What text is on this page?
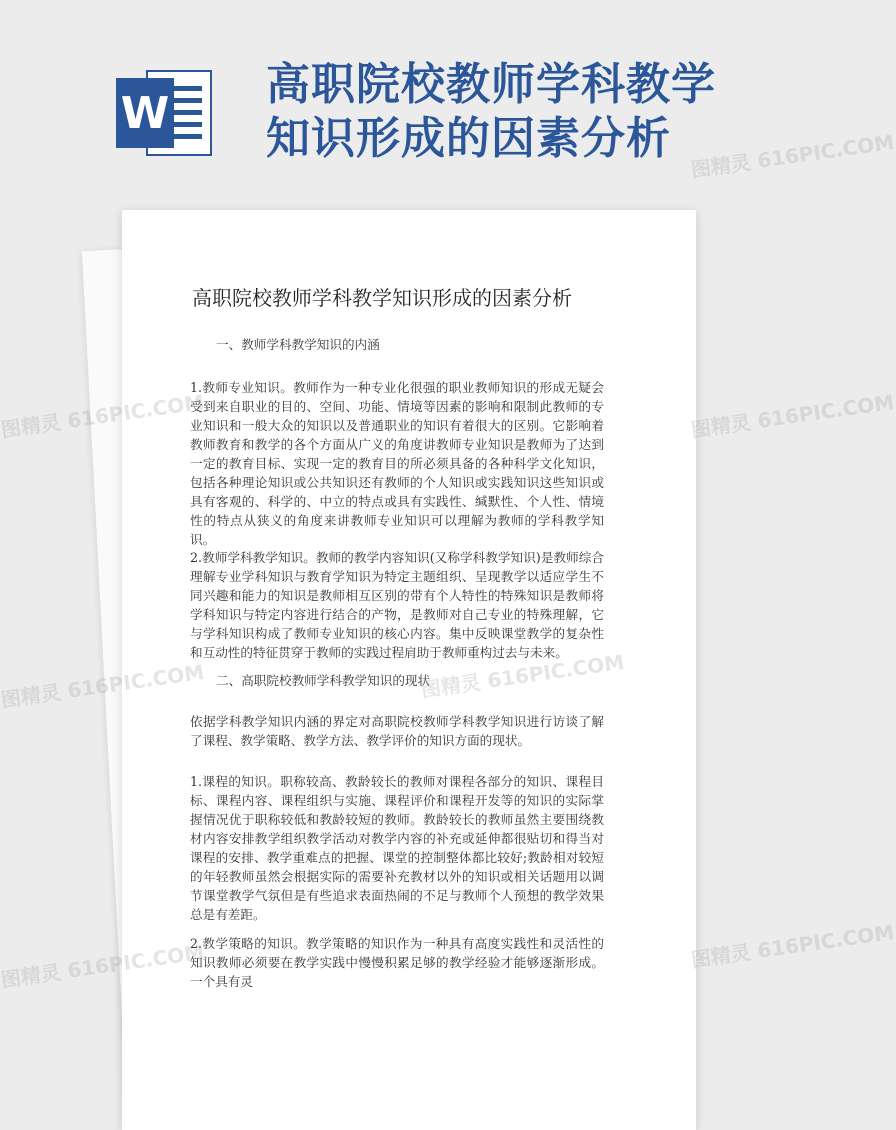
W
高职院校教师学科教学知识形成的因素分析
高职院校教师学科教学知识形成的因素分析

一、教师学科教学知识的内涵

1.教师专业知识。教师作为一种专业化很强的职业教师知识的形成无疑会受到来自职业的目的、空间、功能、情境等因素的影响和限制此教师的专业知识和一般大众的知识以及普通职业的知识有着很大的区别。它影响着教师教育和教学的各个方面从广义的角度讲教师专业知识是教师为了达到一定的教育目标、实现一定的教育目的所必须具备的各种科学文化知识，包括各种理论知识或公共知识还有教师的个人知识或实践知识这些知识或具有客观的、科学的、中立的特点或具有实践性、缄默性、个人性、情境性的特点从狭义的角度来讲教师专业知识可以理解为教师的学科教学知识。

2.教师学科教学知识。教师的教学内容知识(又称学科教学知识)是教师综合理解专业学科知识与教育学知识为特定主题组织、呈现教学以适应学生不同兴趣和能力的知识是教师相互区别的带有个人特性的特殊知识是教师将学科知识与特定内容进行结合的产物，是教师对自己专业的特殊理解，它与学科知识构成了教师专业知识的核心内容。集中反映课堂教学的复杂性和互动性的特征贯穿于教师的实践过程肩助于教师重构过去与未来。

二、高职院校教师学科教学知识的现状

依据学科教学知识内涵的界定对高职院校教师学科教学知识进行访谈了解了课程、教学策略、教学方法、教学评价的知识方面的现状。

1.课程的知识。职称较高、教龄较长的教师对课程各部分的知识、课程目标、课程内容、课程组织与实施、课程评价和课程开发等的知识的实际掌握情况优于职称较低和教龄较短的教师。教龄较长的教师虽然主要围绕教材内容安排教学组织教学活动对教学内容的补充或延伸都很贴切和得当对课程的安排、教学重难点的把握、课堂的控制整体都比较好;教龄相对较短的年轻教师虽然会根据实际的需要补充教材以外的知识或相关话题用以调节课堂教学气氛但是有些追求表面热闹的不足与教师个人预想的教学效果总是有差距。

2.教学策略的知识。教学策略的知识作为一种具有高度实践性和灵活性的知识教师必须要在教学实践中慢慢积累足够的教学经验才能够逐渐形成。一个具有灵

图精灵 616PIC.COM
图精灵 616PIC.COM	图精灵 616PIC.COM
图精灵 616PIC.COM
图精灵 616PIC.COM
图精灵 616PIC.COM	图精灵 616PIC.COM
